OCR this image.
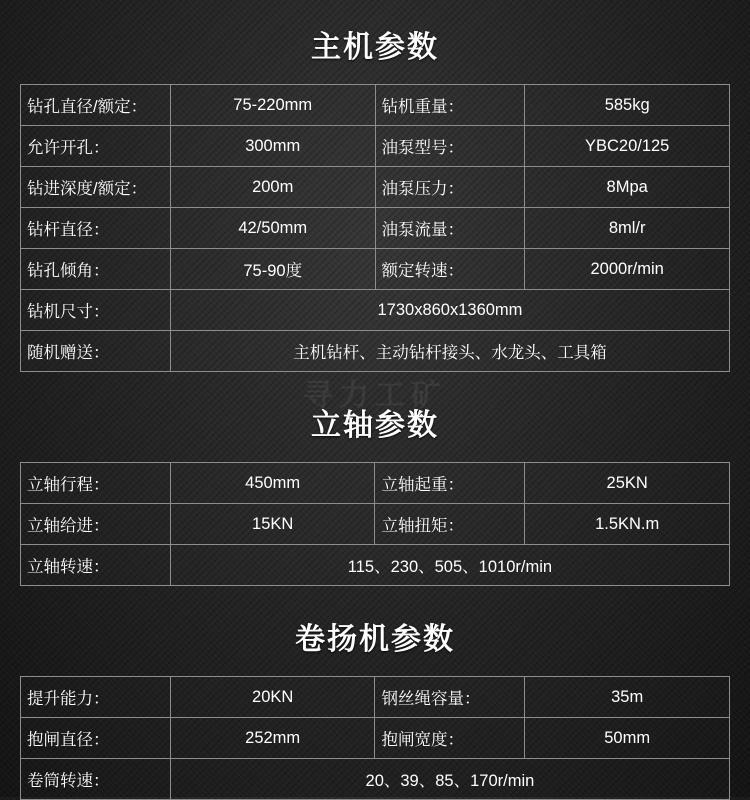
寻力工矿
主机参数
钻孔直径/额定：	75-220mm	钻机重量：	585kg
允许开孔：	300mm	油泵型号：	YBC20/125
钻进深度/额定：	200m	油泵压力：	8Mpa
钻杆直径：	42/50mm	油泵流量：	8ml/r
钻孔倾角：	75-90度	额定转速：	2000r/min
钻机尺寸：	1730x860x1360mm		
随机赠送：	主机钻杆、主动钻杆接头、水龙头、工具箱		
立轴参数
立轴行程：	450mm	立轴起重：	25KN
立轴给进：	15KN	立轴扭矩：	1.5KN.m
立轴转速：	115、230、505、1010r/min		
卷扬机参数
提升能力：	20KN	钢丝绳容量：	35m
抱闸直径：	252mm	抱闸宽度：	50mm
卷筒转速：	20、39、85、170r/min		
